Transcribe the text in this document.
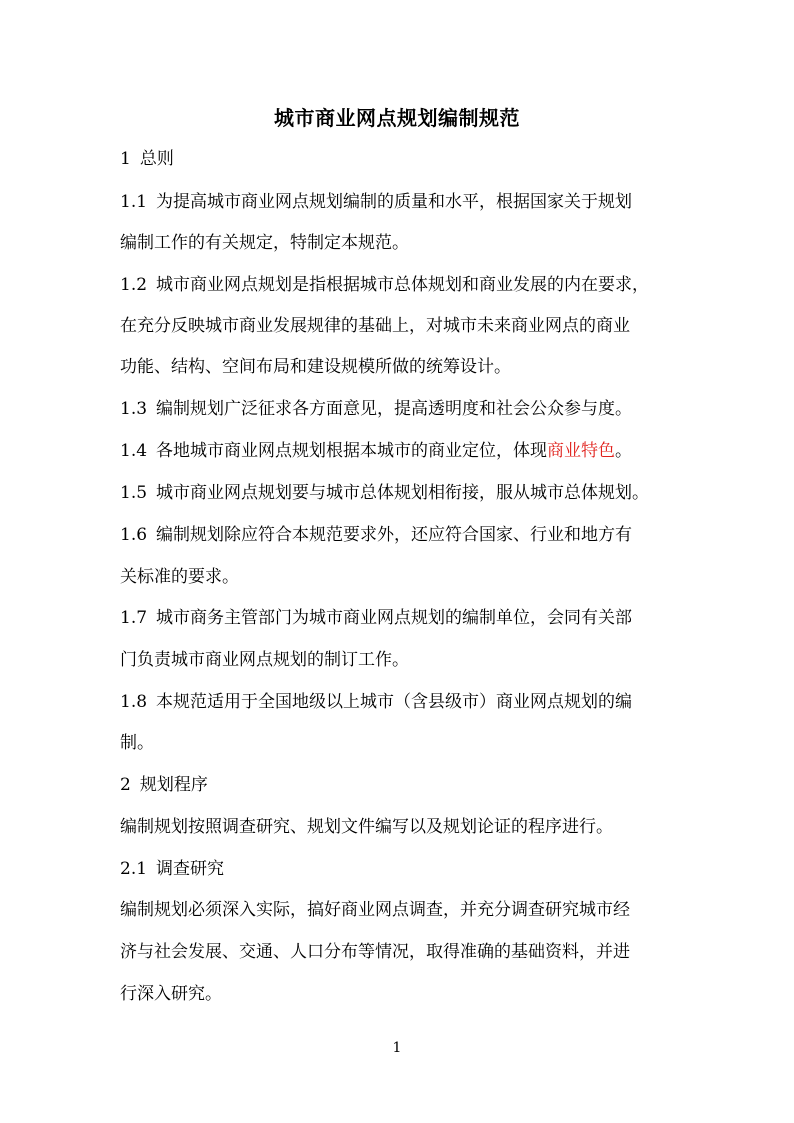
城市商业网点规划编制规范
1 总则
1.1 为提高城市商业网点规划编制的质量和水平，根据国家关于规划
编制工作的有关规定，特制定本规范。
1.2 城市商业网点规划是指根据城市总体规划和商业发展的内在要求，
在充分反映城市商业发展规律的基础上，对城市未来商业网点的商业
功能、结构、空间布局和建设规模所做的统筹设计。
1.3 编制规划广泛征求各方面意见，提高透明度和社会公众参与度。
1.4 各地城市商业网点规划根据本城市的商业定位，体现商业特色。
1.5 城市商业网点规划要与城市总体规划相衔接，服从城市总体规划。
1.6 编制规划除应符合本规范要求外，还应符合国家、行业和地方有
关标准的要求。
1.7 城市商务主管部门为城市商业网点规划的编制单位，会同有关部
门负责城市商业网点规划的制订工作。
1.8 本规范适用于全国地级以上城市（含县级市）商业网点规划的编
制。
2 规划程序
编制规划按照调查研究、规划文件编写以及规划论证的程序进行。
2.1 调查研究
编制规划必须深入实际，搞好商业网点调查，并充分调查研究城市经
济与社会发展、交通、人口分布等情况，取得准确的基础资料，并进
行深入研究。
1
